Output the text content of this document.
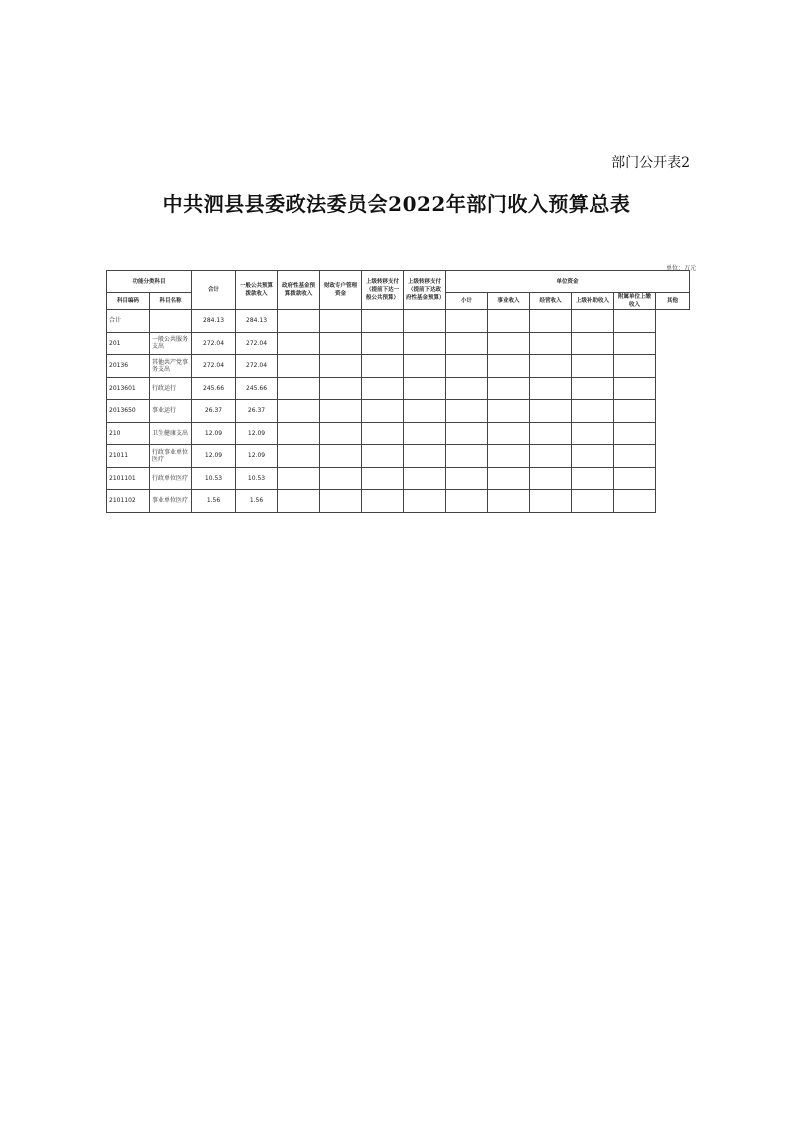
部门公开表2
中共泗县县委政法委员会2022年部门收入预算总表
单位：万元
功能分类科目		合计	一般公共预算拨款收入	政府性基金预算拨款收入	财政专户管理资金	上级转移支付（提前下达一般公共预算）	上级转移支付（提前下达政府性基金预算）	单位资金					
科目编码	科目名称							小计	事业收入	经营收入	上级补助收入	附属单位上缴收入	其他
合计		284.13	284.13										
201	一般公共服务支出	272.04	272.04										
20136	其他共产党事务支出	272.04	272.04										
2013601	行政运行	245.66	245.66										
2013650	事业运行	26.37	26.37										
210	卫生健康支出	12.09	12.09										
21011	行政事业单位医疗	12.09	12.09										
2101101	行政单位医疗	10.53	10.53										
2101102	事业单位医疗	1.56	1.56										
